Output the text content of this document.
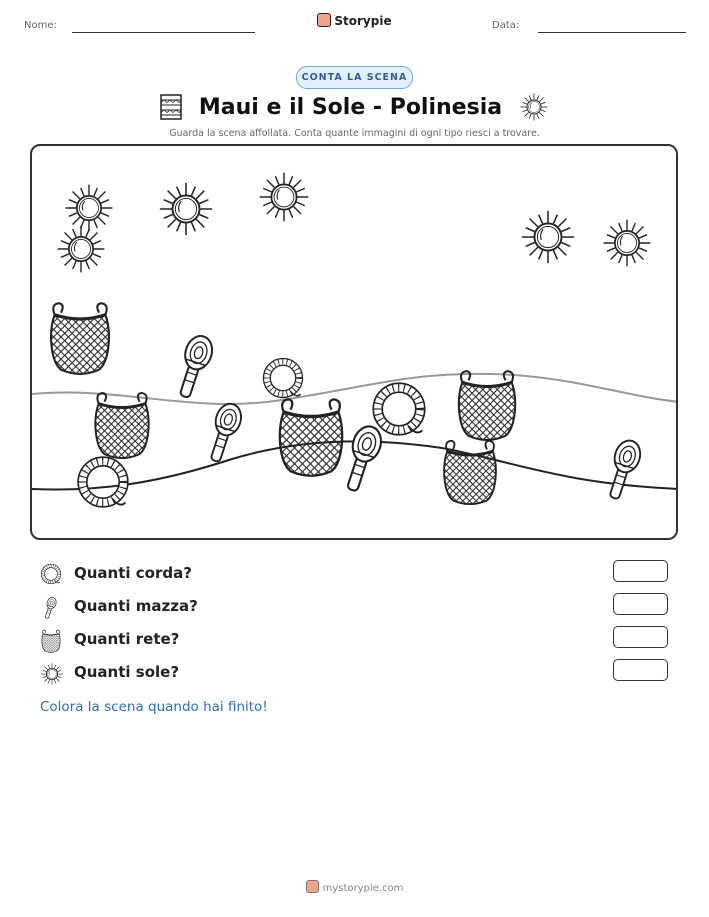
Nome:	Storypie	Data:
CONTA LA SCENA
Maui e il Sole - Polinesia
Guarda la scena affollata. Conta quante immagini di ogni tipo riesci a trovare.
Quanti corda?
Quanti mazza?
Quanti rete?
Quanti sole?
Colora la scena quando hai finito!
mystorypie.com
